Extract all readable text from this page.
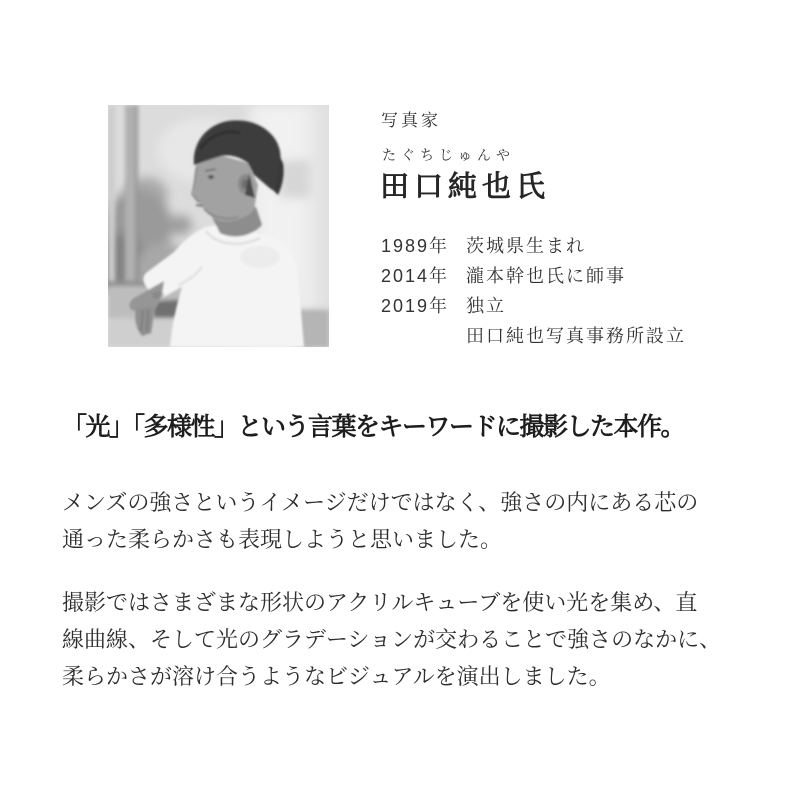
写真家
たぐちじゅんや
田口純也氏
1989年 茨城県生まれ
2014年 瀧本幹也氏に師事
2019年 独立
田口純也写真事務所設立
「光」「多様性」という言葉をキーワードに撮影した本作。
メンズの強さというイメージだけではなく、強さの内にある芯の
通った柔らかさも表現しようと思いました。
撮影ではさまざまな形状のアクリルキューブを使い光を集め、直
線曲線、そして光のグラデーションが交わることで強さのなかに、
柔らかさが溶け合うようなビジュアルを演出しました。
